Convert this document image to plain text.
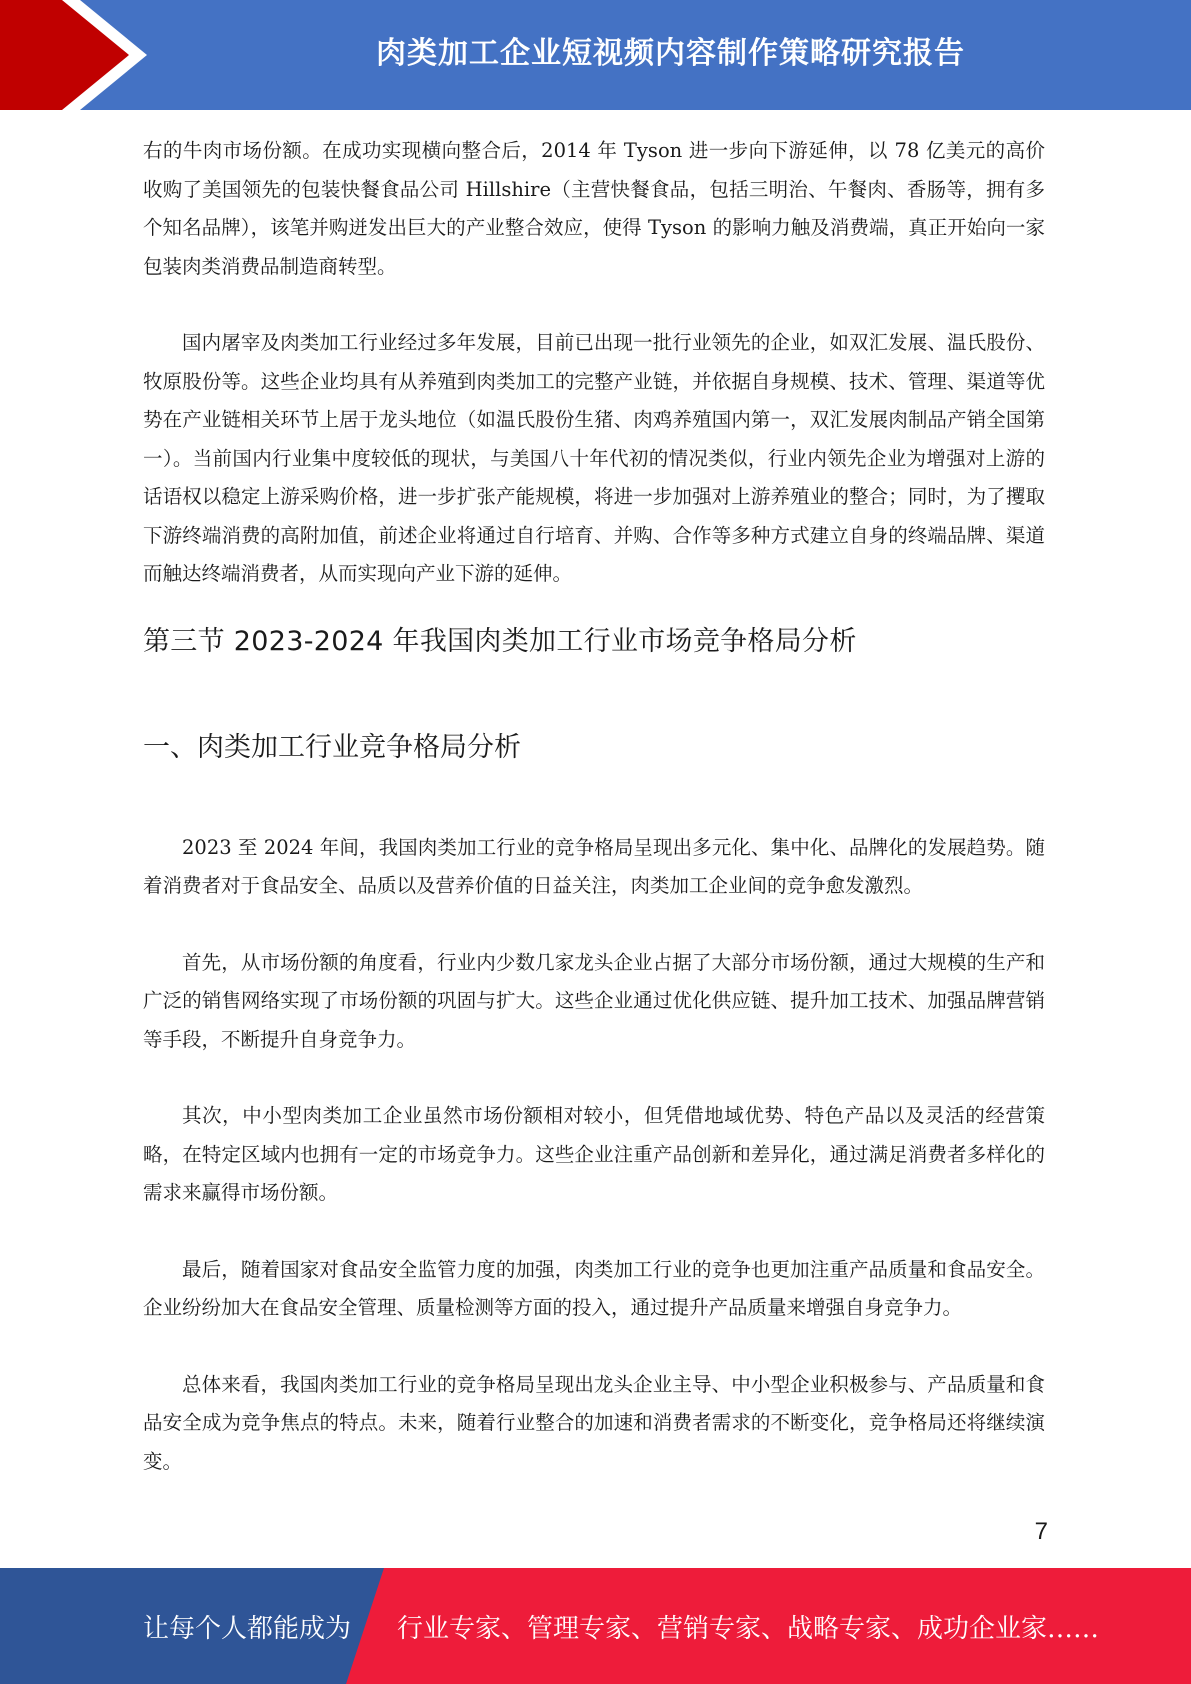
肉类加工企业短视频内容制作策略研究报告

右的牛肉市场份额。在成功实现横向整合后，2014 年 Tyson 进一步向下游延伸，以 78 亿美元的高价收购了美国领先的包装快餐食品公司 Hillshire（主营快餐食品，包括三明治、午餐肉、香肠等，拥有多个知名品牌），该笔并购迸发出巨大的产业整合效应，使得 Tyson 的影响力触及消费端，真正开始向一家包装肉类消费品制造商转型。

国内屠宰及肉类加工行业经过多年发展，目前已出现一批行业领先的企业，如双汇发展、温氏股份、牧原股份等。这些企业均具有从养殖到肉类加工的完整产业链，并依据自身规模、技术、管理、渠道等优势在产业链相关环节上居于龙头地位（如温氏股份生猪、肉鸡养殖国内第一，双汇发展肉制品产销全国第一）。当前国内行业集中度较低的现状，与美国八十年代初的情况类似，行业内领先企业为增强对上游的话语权以稳定上游采购价格，进一步扩张产能规模，将进一步加强对上游养殖业的整合；同时，为了攫取下游终端消费的高附加值，前述企业将通过自行培育、并购、合作等多种方式建立自身的终端品牌、渠道而触达终端消费者，从而实现向产业下游的延伸。

第三节 2023-2024 年我国肉类加工行业市场竞争格局分析
一、肉类加工行业竞争格局分析

2023 至 2024 年间，我国肉类加工行业的竞争格局呈现出多元化、集中化、品牌化的发展趋势。随着消费者对于食品安全、品质以及营养价值的日益关注，肉类加工企业间的竞争愈发激烈。

首先，从市场份额的角度看，行业内少数几家龙头企业占据了大部分市场份额，通过大规模的生产和广泛的销售网络实现了市场份额的巩固与扩大。这些企业通过优化供应链、提升加工技术、加强品牌营销等手段，不断提升自身竞争力。

其次，中小型肉类加工企业虽然市场份额相对较小，但凭借地域优势、特色产品以及灵活的经营策略，在特定区域内也拥有一定的市场竞争力。这些企业注重产品创新和差异化，通过满足消费者多样化的需求来赢得市场份额。

最后，随着国家对食品安全监管力度的加强，肉类加工行业的竞争也更加注重产品质量和食品安全。企业纷纷加大在食品安全管理、质量检测等方面的投入，通过提升产品质量来增强自身竞争力。

总体来看，我国肉类加工行业的竞争格局呈现出龙头企业主导、中小型企业积极参与、产品质量和食品安全成为竞争焦点的特点。未来，随着行业整合的加速和消费者需求的不断变化，竞争格局还将继续演变。

7
让每个人都能成为 行业专家、管理专家、营销专家、战略专家、成功企业家……
